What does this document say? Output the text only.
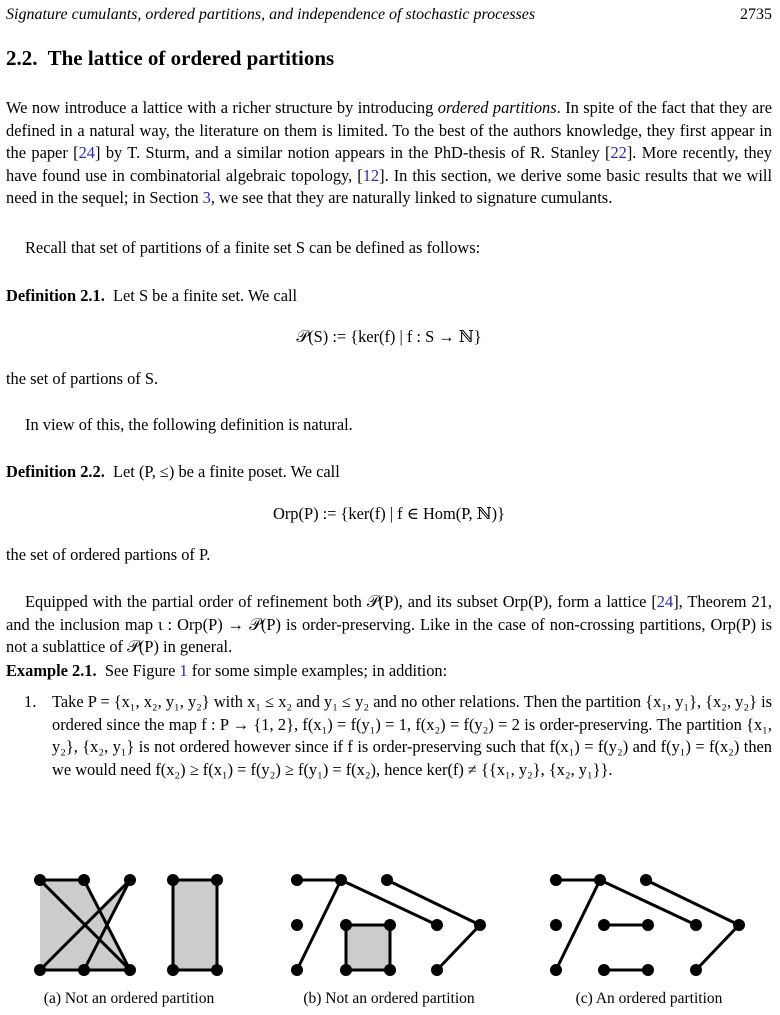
Signature cumulants, ordered partitions, and independence of stochastic processes	2735
2.2. The lattice of ordered partitions
We now introduce a lattice with a richer structure by introducing ordered partitions. In spite of the fact that they are defined in a natural way, the literature on them is limited. To the best of the authors knowledge, they first appear in the paper [24] by T. Sturm, and a similar notion appears in the PhD-thesis of R. Stanley [22]. More recently, they have found use in combinatorial algebraic topology, [12]. In this section, we derive some basic results that we will need in the sequel; in Section 3, we see that they are naturally linked to signature cumulants.
Recall that set of partitions of a finite set S can be defined as follows:
Definition 2.1. Let S be a finite set. We call
𝒫(S) := {ker(f) | f : S → ℕ}
the set of partions of S.
In view of this, the following definition is natural.
Definition 2.2. Let (P, ≤) be a finite poset. We call
Orp(P) := {ker(f) | f ∈ Hom(P, ℕ)}
the set of ordered partions of P.
Equipped with the partial order of refinement both 𝒫(P), and its subset Orp(P), form a lattice [24], Theorem 21, and the inclusion map ι : Orp(P) → 𝒫(P) is order-preserving. Like in the case of non-crossing partitions, Orp(P) is not a sublattice of 𝒫(P) in general.
Example 2.1. See Figure 1 for some simple examples; in addition:
1. Take P = {x₁, x₂, y₁, y₂} with x₁ ≤ x₂ and y₁ ≤ y₂ and no other relations. Then the partition {x₁, y₁}, {x₂, y₂} is ordered since the map f : P → {1, 2}, f(x₁) = f(y₁) = 1, f(x₂) = f(y₂) = 2 is order-preserving. The partition {x₁, y₂}, {x₂, y₁} is not ordered however since if f is order-preserving such that f(x₁) = f(y₂) and f(y₁) = f(x₂) then we would need f(x₂) ≥ f(x₁) = f(y₂) ≥ f(y₁) = f(x₂), hence ker(f) ≠ {{x₁, y₂}, {x₂, y₁}}.
(a) Not an ordered partition	(b) Not an ordered partition	(c) An ordered partition
